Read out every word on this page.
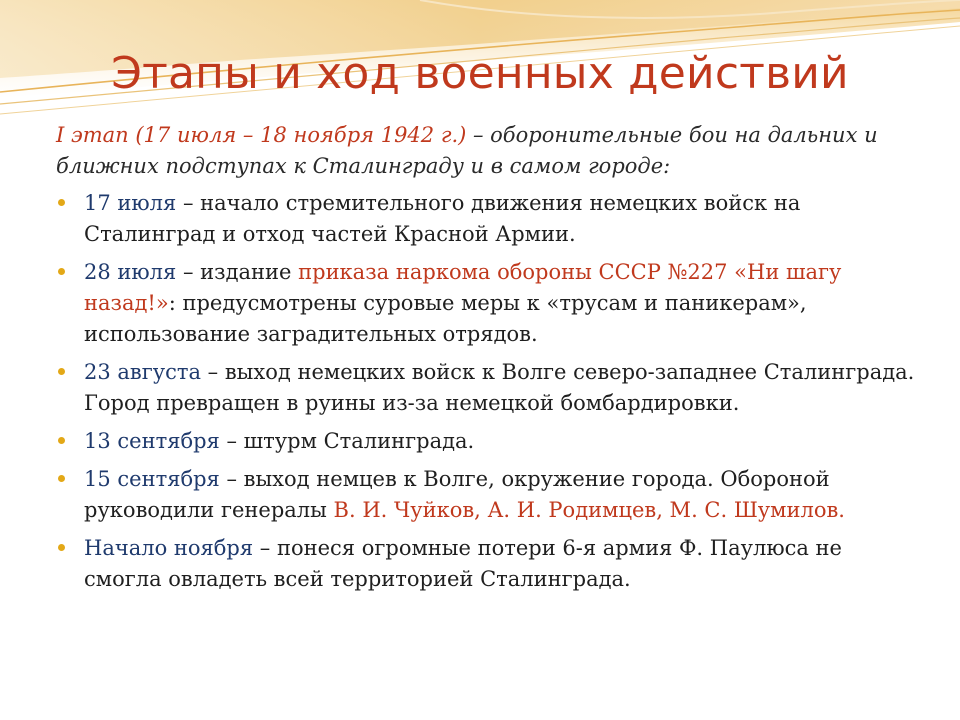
Этапы и ход военных действий
I этап (17 июля – 18 ноября 1942 г.) – оборонительные бои на дальних и ближних подступах к Сталинграду и в самом городе:
17 июля – начало стремительного движения немецких войск на Сталинград и отход частей Красной Армии.
28 июля – издание приказа наркома обороны СССР №227 «Ни шагу назад!»: предусмотрены суровые меры к «трусам и паникерам», использование заградительных отрядов.
23 августа – выход немецких войск к Волге северо-западнее Сталинграда. Город превращен в руины из-за немецкой бомбардировки.
13 сентября – штурм Сталинграда.
15 сентября – выход немцев к Волге, окружение города. Обороной руководили генералы В. И. Чуйков, А. И. Родимцев, М. С. Шумилов.
Начало ноября – понеся огромные потери 6-я армия Ф. Паулюса не смогла овладеть всей территорией Сталинграда.
